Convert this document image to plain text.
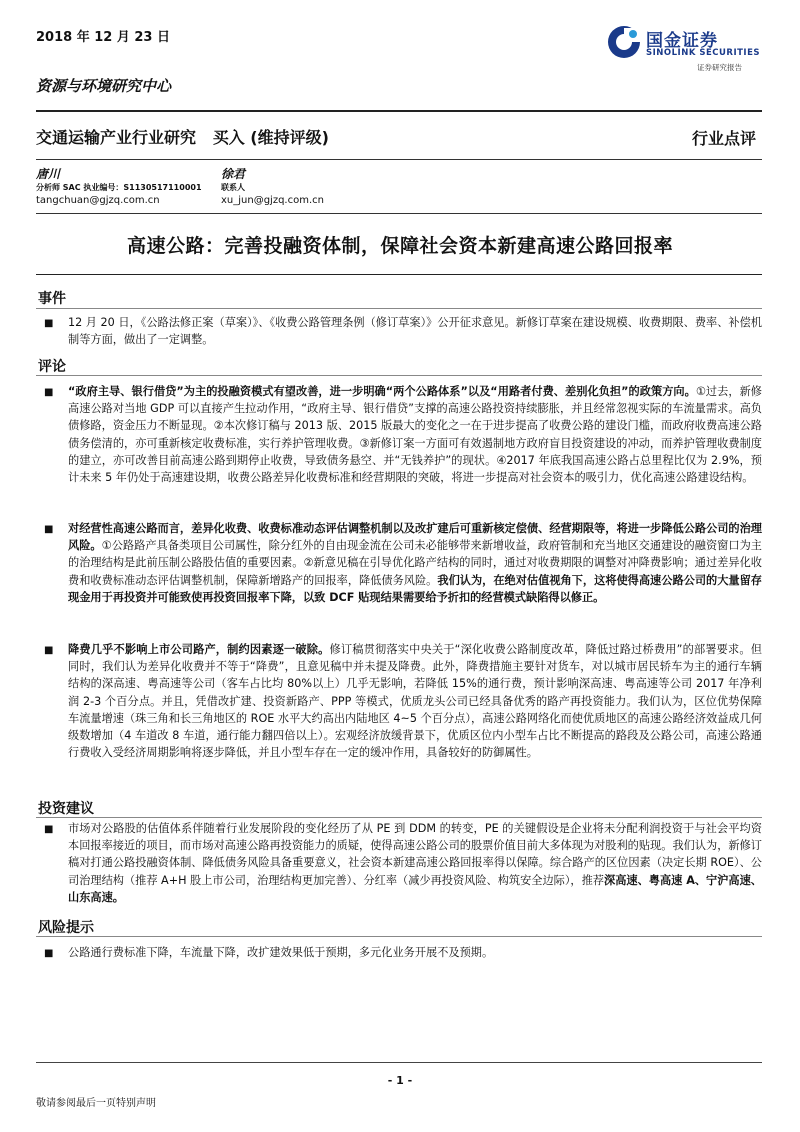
2018 年 12 月 23 日	国金证券
SINOLINK SECURITIES
证券研究报告
资源与环境研究中心
交通运输产业行业研究   买入 (维持评级)	行业点评
唐川
分析师 SAC 执业编号：S1130517110001
tangchuan@gjzq.com.cn
徐君
联系人
xu_jun@gjzq.com.cn
高速公路：完善投融资体制，保障社会资本新建高速公路回报率
事件
■ 12 月 20 日，《公路法修正案（草案）》、《收费公路管理条例（修订草案）》公开征求意见。新修订草案在建设规模、收费期限、费率、补偿机制等方面，做出了一定调整。
评论
■ “政府主导、银行借贷”为主的投融资模式有望改善，进一步明确“两个公路体系”以及“用路者付费、差别化负担”的政策方向。①过去，新修高速公路对当地 GDP 可以直接产生拉动作用，“政府主导、银行借贷”支撑的高速公路投资持续膨胀，并且经常忽视实际的车流量需求。高负债修路，资金压力不断显现。②本次修订稿与 2013 版、2015 版最大的变化之一在于进步提高了收费公路的建设门槛，而政府收费高速公路债务偿清的，亦可重新核定收费标准，实行养护管理收费。③新修订案一方面可有效遏制地方政府盲目投资建设的冲动，而养护管理收费制度的建立，亦可改善目前高速公路到期停止收费，导致债务悬空、并“无钱养护”的现状。④2017 年底我国高速公路占总里程比仅为 2.9%，预计未来 5 年仍处于高速建设期，收费公路差异化收费标准和经营期限的突破，将进一步提高对社会资本的吸引力，优化高速公路建设结构。
■ 对经营性高速公路而言，差异化收费、收费标准动态评估调整机制以及改扩建后可重新核定偿债、经营期限等，将进一步降低公路公司的治理风险。①公路路产具备类项目公司属性，除分红外的自由现金流在公司未必能够带来新增收益，政府管制和充当地区交通建设的融资窗口为主的治理结构是此前压制公路股估值的重要因素。②新意见稿在引导优化路产结构的同时，通过对收费期限的调整对冲降费影响；通过差异化收费和收费标准动态评估调整机制，保障新增路产的回报率，降低债务风险。我们认为，在绝对估值视角下，这将使得高速公路公司的大量留存现金用于再投资并可能致使再投资回报率下降，以致 DCF 贴现结果需要给予折扣的经营模式缺陷得以修正。
■ 降费几乎不影响上市公司路产，制约因素逐一破除。修订稿贯彻落实中央关于“深化收费公路制度改革，降低过路过桥费用”的部署要求。但同时，我们认为差异化收费并不等于“降费”，且意见稿中并未提及降费。此外，降费措施主要针对货车，对以城市居民轿车为主的通行车辆结构的深高速、粤高速等公司（客车占比均 80%以上）几乎无影响，若降低 15%的通行费，预计影响深高速、粤高速等公司 2017 年净利润 2-3 个百分点。并且，凭借改扩建、投资新路产、PPP 等模式，优质龙头公司已经具备优秀的路产再投资能力。我们认为，区位优势保障车流量增速（珠三角和长三角地区的 ROE 水平大约高出内陆地区 4~5 个百分点），高速公路网络化而使优质地区的高速公路经济效益成几何级数增加（4 车道改 8 车道，通行能力翻四倍以上）。宏观经济放缓背景下，优质区位内小型车占比不断提高的路段及公路公司，高速公路通行费收入受经济周期影响将逐步降低，并且小型车存在一定的缓冲作用，具备较好的防御属性。
投资建议
■ 市场对公路股的估值体系伴随着行业发展阶段的变化经历了从 PE 到 DDM 的转变，PE 的关键假设是企业将未分配利润投资于与社会平均资本回报率接近的项目，而市场对高速公路再投资能力的质疑，使得高速公路公司的股票价值目前大多体现为对股利的贴现。我们认为，新修订稿对打通公路投融资体制、降低债务风险具备重要意义，社会资本新建高速公路回报率得以保障。综合路产的区位因素（决定长期 ROE）、公司治理结构（推荐 A+H 股上市公司，治理结构更加完善）、分红率（减少再投资风险、构筑安全边际），推荐深高速、粤高速 A、宁沪高速、山东高速。
风险提示
■ 公路通行费标准下降，车流量下降，改扩建效果低于预期，多元化业务开展不及预期。
- 1 -
敬请参阅最后一页特别声明
